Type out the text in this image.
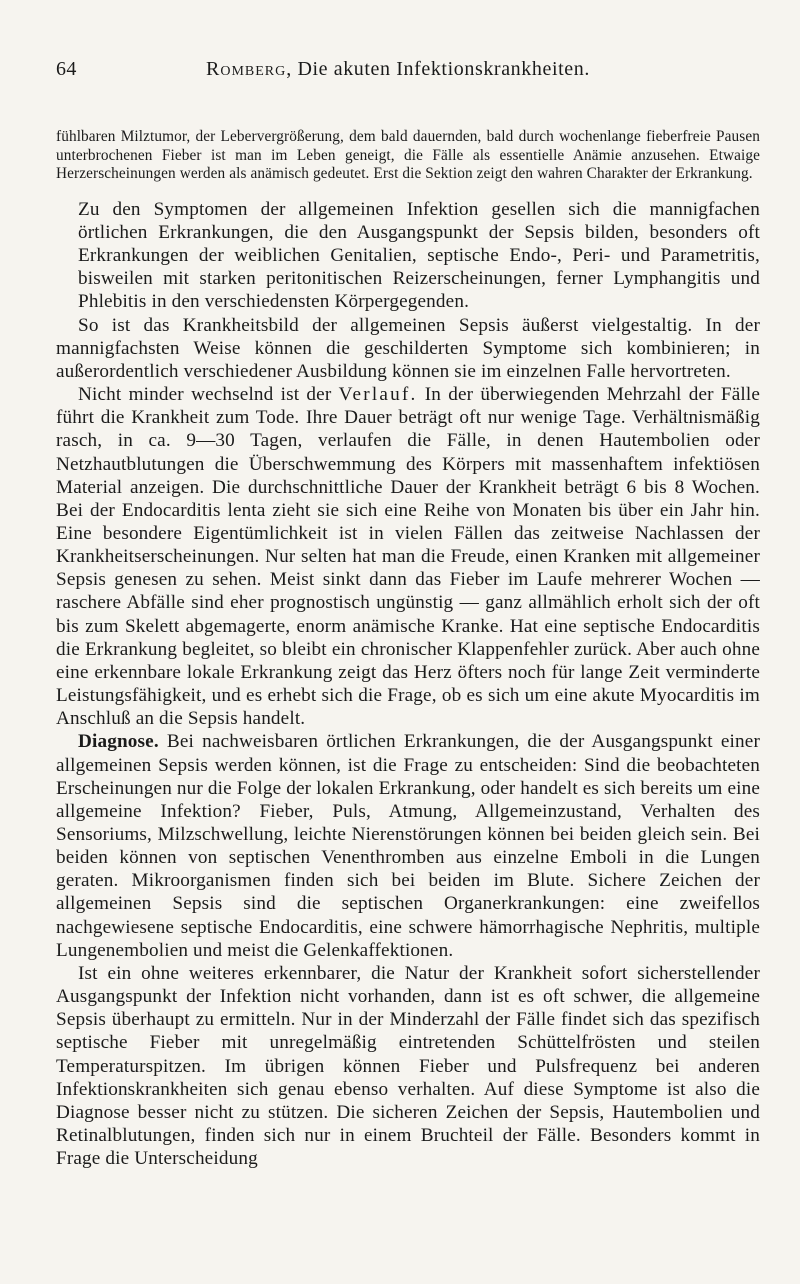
64	Romberg, Die akuten Infektionskrankheiten.

fühlbaren Milztumor, der Lebervergrößerung, dem bald dauernden, bald durch wochenlange fieberfreie Pausen unterbrochenen Fieber ist man im Leben geneigt, die Fälle als essentielle Anämie anzusehen. Etwaige Herzerscheinungen werden als anämisch gedeutet. Erst die Sektion zeigt den wahren Charakter der Erkrankung.

Zu den Symptomen der allgemeinen Infektion gesellen sich die mannigfachen örtlichen Erkrankungen, die den Ausgangspunkt der Sepsis bilden, besonders oft Erkrankungen der weiblichen Genitalien, septische Endo-, Peri- und Parametritis, bisweilen mit starken peritonitischen Reizerscheinungen, ferner Lymphangitis und Phlebitis in den verschiedensten Körpergegenden.

So ist das Krankheitsbild der allgemeinen Sepsis äußerst vielgestaltig. In der mannigfachsten Weise können die geschilderten Symptome sich kombinieren; in außerordentlich verschiedener Ausbildung können sie im einzelnen Falle hervortreten.

Nicht minder wechselnd ist der Verlauf. In der überwiegenden Mehrzahl der Fälle führt die Krankheit zum Tode. Ihre Dauer beträgt oft nur wenige Tage. Verhältnismäßig rasch, in ca. 9—30 Tagen, verlaufen die Fälle, in denen Hautembolien oder Netzhautblutungen die Überschwemmung des Körpers mit massenhaftem infektiösen Material anzeigen. Die durchschnittliche Dauer der Krankheit beträgt 6 bis 8 Wochen. Bei der Endocarditis lenta zieht sie sich eine Reihe von Monaten bis über ein Jahr hin. Eine besondere Eigentümlichkeit ist in vielen Fällen das zeitweise Nachlassen der Krankheitserscheinungen. Nur selten hat man die Freude, einen Kranken mit allgemeiner Sepsis genesen zu sehen. Meist sinkt dann das Fieber im Laufe mehrerer Wochen — raschere Abfälle sind eher prognostisch ungünstig — ganz allmählich erholt sich der oft bis zum Skelett abgemagerte, enorm anämische Kranke. Hat eine septische Endocarditis die Erkrankung begleitet, so bleibt ein chronischer Klappenfehler zurück. Aber auch ohne eine erkennbare lokale Erkrankung zeigt das Herz öfters noch für lange Zeit verminderte Leistungsfähigkeit, und es erhebt sich die Frage, ob es sich um eine akute Myocarditis im Anschluß an die Sepsis handelt.

Diagnose. Bei nachweisbaren örtlichen Erkrankungen, die der Ausgangspunkt einer allgemeinen Sepsis werden können, ist die Frage zu entscheiden: Sind die beobachteten Erscheinungen nur die Folge der lokalen Erkrankung, oder handelt es sich bereits um eine allgemeine Infektion? Fieber, Puls, Atmung, Allgemeinzustand, Verhalten des Sensoriums, Milzschwellung, leichte Nierenstörungen können bei beiden gleich sein. Bei beiden können von septischen Venenthromben aus einzelne Emboli in die Lungen geraten. Mikroorganismen finden sich bei beiden im Blute. Sichere Zeichen der allgemeinen Sepsis sind die septischen Organerkrankungen: eine zweifellos nachgewiesene septische Endocarditis, eine schwere hämorrhagische Nephritis, multiple Lungenembolien und meist die Gelenkaffektionen.

Ist ein ohne weiteres erkennbarer, die Natur der Krankheit sofort sicherstellender Ausgangspunkt der Infektion nicht vorhanden, dann ist es oft schwer, die allgemeine Sepsis überhaupt zu ermitteln. Nur in der Minderzahl der Fälle findet sich das spezifisch septische Fieber mit unregelmäßig eintretenden Schüttelfrösten und steilen Temperaturspitzen. Im übrigen können Fieber und Pulsfrequenz bei anderen Infektionskrankheiten sich genau ebenso verhalten. Auf diese Symptome ist also die Diagnose besser nicht zu stützen. Die sicheren Zeichen der Sepsis, Hautembolien und Retinalblutungen, finden sich nur in einem Bruchteil der Fälle. Besonders kommt in Frage die Unterscheidung
